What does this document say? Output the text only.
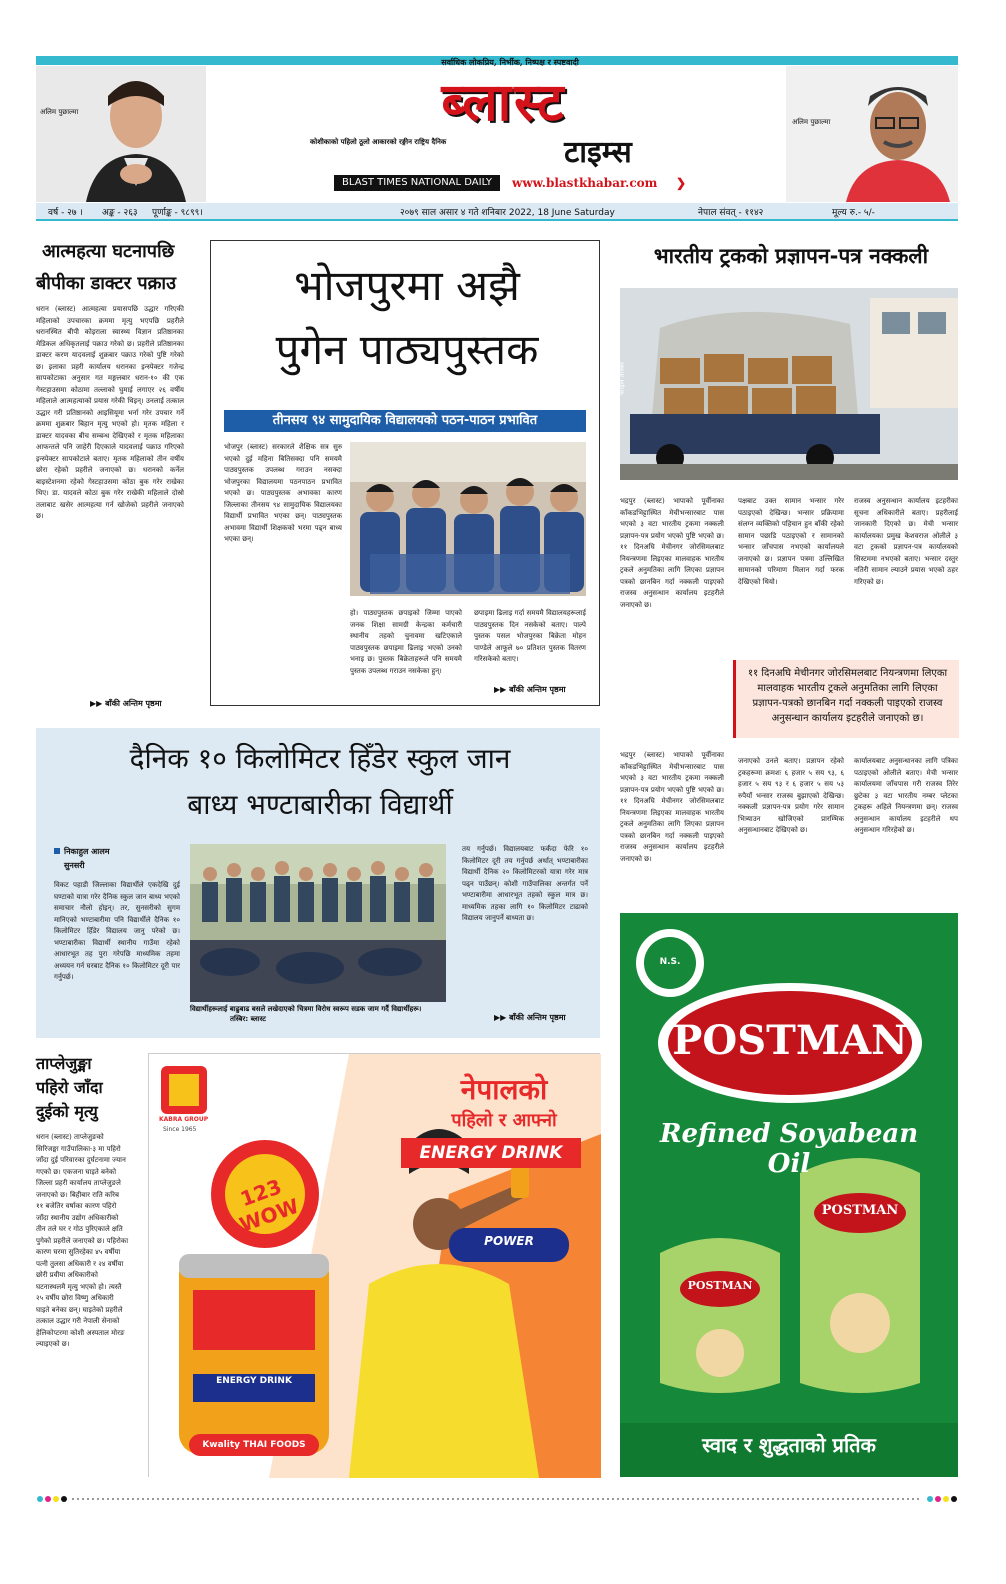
सर्वाधिक लोकप्रिय, निर्भीक, निष्पक्ष र स्पष्टवादी
अलिम पुछाल्मा
अलिम पुछाल्मा
ब्लास्ट
कोशीकाको पहिलो ठूलो आकारको रङ्गीन राष्ट्रिय दैनिक	टाइम्स
BLAST TIMES NATIONAL DAILY	www.blastkhabar.com	❯
वर्ष - २७ । अङ्क - २६३ पूर्णाङ्क - ९८९९।	२०७९ साल असार ४ गते शनिबार 2022, 18 June Saturday	नेपाल संवत् - ११४२	मूल्य रु.- ५/-
आत्महत्या घटनापछि
बीपीका डाक्टर पक्राउ
धरान (ब्लास्ट) आत्महत्या प्रयासपछि उद्धार गरिएकी महिलाको उपचारका क्रममा मृत्यु भएपछि प्रहरीले धरानस्थित बीपी कोइराला स्वास्थ्य विज्ञान प्रतिष्ठानका मेडिकल अधिकृतलाई पक्राउ गरेको छ। प्रहरीले प्रतिष्ठानका डाक्टर करण यादवलाई शुक्रबार पक्राउ गरेको पुष्टि गरेको छ। इलाका प्रहरी कार्यालय धरानका इन्स्पेक्टर गजेन्द्र सापकोटाका अनुसार गत मङ्गलबार धरान-१० की एक गेस्टहाउसमा कोठामा तल्लाको घुमाई लगाएर २६ वर्षीय महिलाले आत्महत्याको प्रयास गरेकी थिइन्। उनलाई तत्काल उद्धार गरी प्रतिष्ठानको आइसियूमा भर्ना गरेर उपचार गर्ने क्रममा शुक्रबार बिहान मृत्यु भएको हो। मृतक महिला र डाक्टर यादवका बीच सम्बन्ध देखिएको र मृतक महिलाका आफन्तले पनि जाहेरी दिएकाले यादवलाई पक्राउ गरिएको इन्स्पेक्टर सापकोटाले बताए। मृतक महिलाको तीन वर्षीय छोरा रहेको प्रहरीले जनाएको छ। धरानको कर्नेल बाइस्टेशनमा रहेको गेस्टहाउसमा कोठा बुक गरेर राखेका थिए। डा. यादवले कोठा बुक गरेर राखेकी महिलाले दोस्रो तलाबाट खसेर आत्महत्या गर्न खोजेको प्रहरीले जनाएको छ।
▶▶ बाँकी अन्तिम पृष्ठमा
भोजपुरमा अझै
पुगेन पाठ्यपुस्तक
तीनसय ९४ सामुदायिक विद्यालयको पठन-पाठन प्रभावित
भोजपुर (ब्लास्ट) सरकारले शैक्षिक सत्र सुरु भएको दुई महिना बितिसक्दा पनि समयमै पाठ्यपुस्तक उपलब्ध गराउन नसक्दा भोजपुरका विद्यालयमा पठनपाठन प्रभावित भएको छ। पाठ्यपुस्तक अभावका कारण जिल्लाका तीनसय ९४ सामुदायिक विद्यालयका विद्यार्थी प्रभावित भएका छन्। पाठ्यपुस्तक अभावमा विद्यार्थी शिक्षकको भरमा पढ्न बाध्य भएका छन्।
हो। पाठ्यपुस्तक छपाइको जिम्मा पाएको जनक शिक्षा सामग्री केन्द्रका कर्मचारी स्थानीय तहको चुनावमा खटिएकाले पाठ्यपुस्तक छपाइमा ढिलाइ भएको उनको भनाइ छ। पुस्तक बिक्रेताहरूले पनि समयमै पुस्तक उपलब्ध गराउन नसकेका हुन्।
छपाइमा ढिलाइ गर्दा समयमै विद्यालयहरूलाई पाठ्यपुस्तक दिन नसकेको बताए। पाल्पे पुस्तक पसल भोजपुरका बिक्रेता मोहन पाण्डेले आफूले ७० प्रतिशत पुस्तक वितरण गरिसकेको बताए।
▶▶ बाँकी अन्तिम पृष्ठमा
भारतीय ट्रकको प्रज्ञापन-पत्र नक्कली
फाइल तस्बिर
भद्रपुर (ब्लास्ट) भापाको पूर्वीनाका काँकडभिट्टास्थित मेचीभन्सारबाट पास भएको ३ वटा भारतीय ट्रकमा नक्कली प्रज्ञापन-पत्र प्रयोग भएको पुष्टि भएको छ। ११ दिनअघि मेचीनगर जोरसिमलबाट नियन्त्रणमा लिइएका मालवाहक भारतीय ट्रकले अनुमतिका लागि लिएका प्रज्ञापन पत्रको छानबिन गर्दा नक्कली पाइएको राजस्व अनुसन्धान कार्यालय इटहरीले जनाएको छ।
पक्षबाट उक्त सामान भन्सार गरेर पठाइएको देखिन्छ। भन्सार प्रक्रियामा संलग्न व्यक्तिको पहिचान हुन बाँकी रहेको सामान पछाडि पठाइएको र सामानको भन्सार जाँचपास नभएको कार्यालयले जनाएको छ। प्रज्ञापन पत्रमा उल्लिखित सामानको परिमाण मिलान गर्दा फरक देखिएको थियो।
राजस्व अनुसन्धान कार्यालय इटहरीका सूचना अधिकारीले बताए। प्रहरीलाई जानकारी दिएको छ। मेची भन्सार कार्यालयका प्रमुख केशवराज ओलीले ३ वटा ट्रकको प्रज्ञापन-पत्र कार्यालयको सिस्टममा नभएको बताए। भन्सार दस्तुर नतिरी सामान ल्याउने प्रयास भएको ठहर गरिएको छ।
११ दिनअघि मेचीनगर जोरसिमलबाट नियन्त्रणमा लिएका मालवाहक भारतीय ट्रकले अनुमतिका लागि लिएका प्रज्ञापन-पत्रको छानबिन गर्दा नक्कली पाइएको राजस्व अनुसन्धान कार्यालय इटहरीले जनाएको छ।
भद्रपुर (ब्लास्ट) भापाको पूर्वीनाका काँकडभिट्टास्थित मेचीभन्सारबाट पास भएको ३ वटा भारतीय ट्रकमा नक्कली प्रज्ञापन-पत्र प्रयोग भएको पुष्टि भएको छ। ११ दिनअघि मेचीनगर जोरसिमलबाट नियन्त्रणमा लिइएका मालवाहक भारतीय ट्रकले अनुमतिका लागि लिएका प्रज्ञापन पत्रको छानबिन गर्दा नक्कली पाइएको राजस्व अनुसन्धान कार्यालय इटहरीले जनाएको छ।
जनाएको उनले बताए। प्रज्ञापन रहेको ट्रकहरूमा क्रमशः ६ हजार ५ सय ९३, ६ हजार ५ सय ९३ र ६ हजार ५ सय ५३ रुपैयाँ भन्सार राजस्व बुझाएको देखिन्छ। नक्कली प्रज्ञापन-पत्र प्रयोग गरेर सामान भित्र्याउन खोजिएको प्रारम्भिक अनुसन्धानबाट देखिएको छ।
कार्यालयबाट अनुसन्धानका लागि पत्रिका पठाइएको ओलीले बताए। मेची भन्सार कार्यालयमा जाँचपास गरी राजस्व तिरेर छुटेका ३ वटा भारतीय नम्बर प्लेटका ट्रकहरू अहिले नियन्त्रणमा छन्। राजस्व अनुसन्धान कार्यालय इटहरीले थप अनुसन्धान गरिरहेको छ।
दैनिक १० किलोमिटर हिँडेर स्कुल जान
बाध्य भण्टाबारीका विद्यार्थी
निकाहुल आलम
सुनसरी
विकट पहाडी जिल्लाका विद्यार्थीले एकदेखि दुई घण्टाको यात्रा गरेर दैनिक स्कुल जान बाध्य भएको समाचार नौलो होइन्। तर, सुनसरीको सुगम मानिएको भण्टाबारीमा पनि विद्यार्थीले दैनिक १० किलोमिटर हिँडेर विद्यालय जानु परेको छ। भण्टाबारीका विद्यार्थी स्थानीय गाउँमा रहेको आधारभूत तह पुरा गरेपछि माध्यमिक तहमा अध्ययन गर्न घरबाट दैनिक १० किलोमिटर दूरी पार गर्नुपर्छ।
विद्यार्थीहरूलाई बाढुबाढ बसले लखेदाएको चित्रमा विरोध स्वरूप सडक जाम गर्दै विद्यार्थीहरू। तस्बिर: ब्लास्ट
तय गर्नुपर्छ। विद्यालयबाट फर्कँदा फेरि १० किलोमिटर दूरी तय गर्नुपर्छ अर्थात् भण्टाबारीका विद्यार्थी दैनिक २० किलोमिटरको यात्रा गरेर मात्र पढ्न पाउँछन्। कोशी गाउँपालिका अन्तर्गत पर्ने भण्टाबारीमा आधारभूत तहको स्कुल मात्र छ। माध्यमिक तहका लागि १० किलोमिटर टाढाको विद्यालय जानुपर्ने बाध्यता छ।
▶▶ बाँकी अन्तिम पृष्ठमा
ताप्लेजुङ्मा
पहिरो जाँदा
दुईको मृत्यु
धरान (ब्लास्ट) ताप्लेजुङको सिरिजङ्घा गाउँपालिका-३ मा पहिरो जाँदा दुई परिवारका दुर्घटनामा ज्यान गएको छ। एकजना घाइते बनेको जिल्ला प्रहरी कार्यालय ताप्लेजुङले जनाएको छ। बिहीबार राति करिब ११ बजेतिर वर्षाका कारण पहिरो जाँदा स्थानीय उद्योग अधिकारीको तीन तले घर र गोठ पुरिएकाले क्षति पुगेको प्रहरीले जनाएको छ। पहिरोका कारण घरमा सुतिरहेका ४५ वर्षीया पत्नी तुलसा अधिकारी र २४ वर्षीया छोरी प्रवीया अधिकारीको घटनास्थलमै मृत्यु भएको हो। त्यस्तै २५ वर्षीय छोरा विष्णु अधिकारी घाइते बनेका छन्। घाइतेको प्रहरीले तत्काल उद्धार गरी नेपाली सेनाको हेलिकोप्टरमा कोशी अस्पताल मोरङ ल्याइएको छ।
KABRA GROUP
Since 1965
123 WOW
नेपालको
पहिलो र आफ्नो
ENERGY DRINK
ENERGY DRINK
POWER
Kwality THAI FOODS
N.S.
POSTMAN
Refined Soyabean Oil
POSTMAN
POSTMAN
स्वाद र शुद्धताको प्रतिक
